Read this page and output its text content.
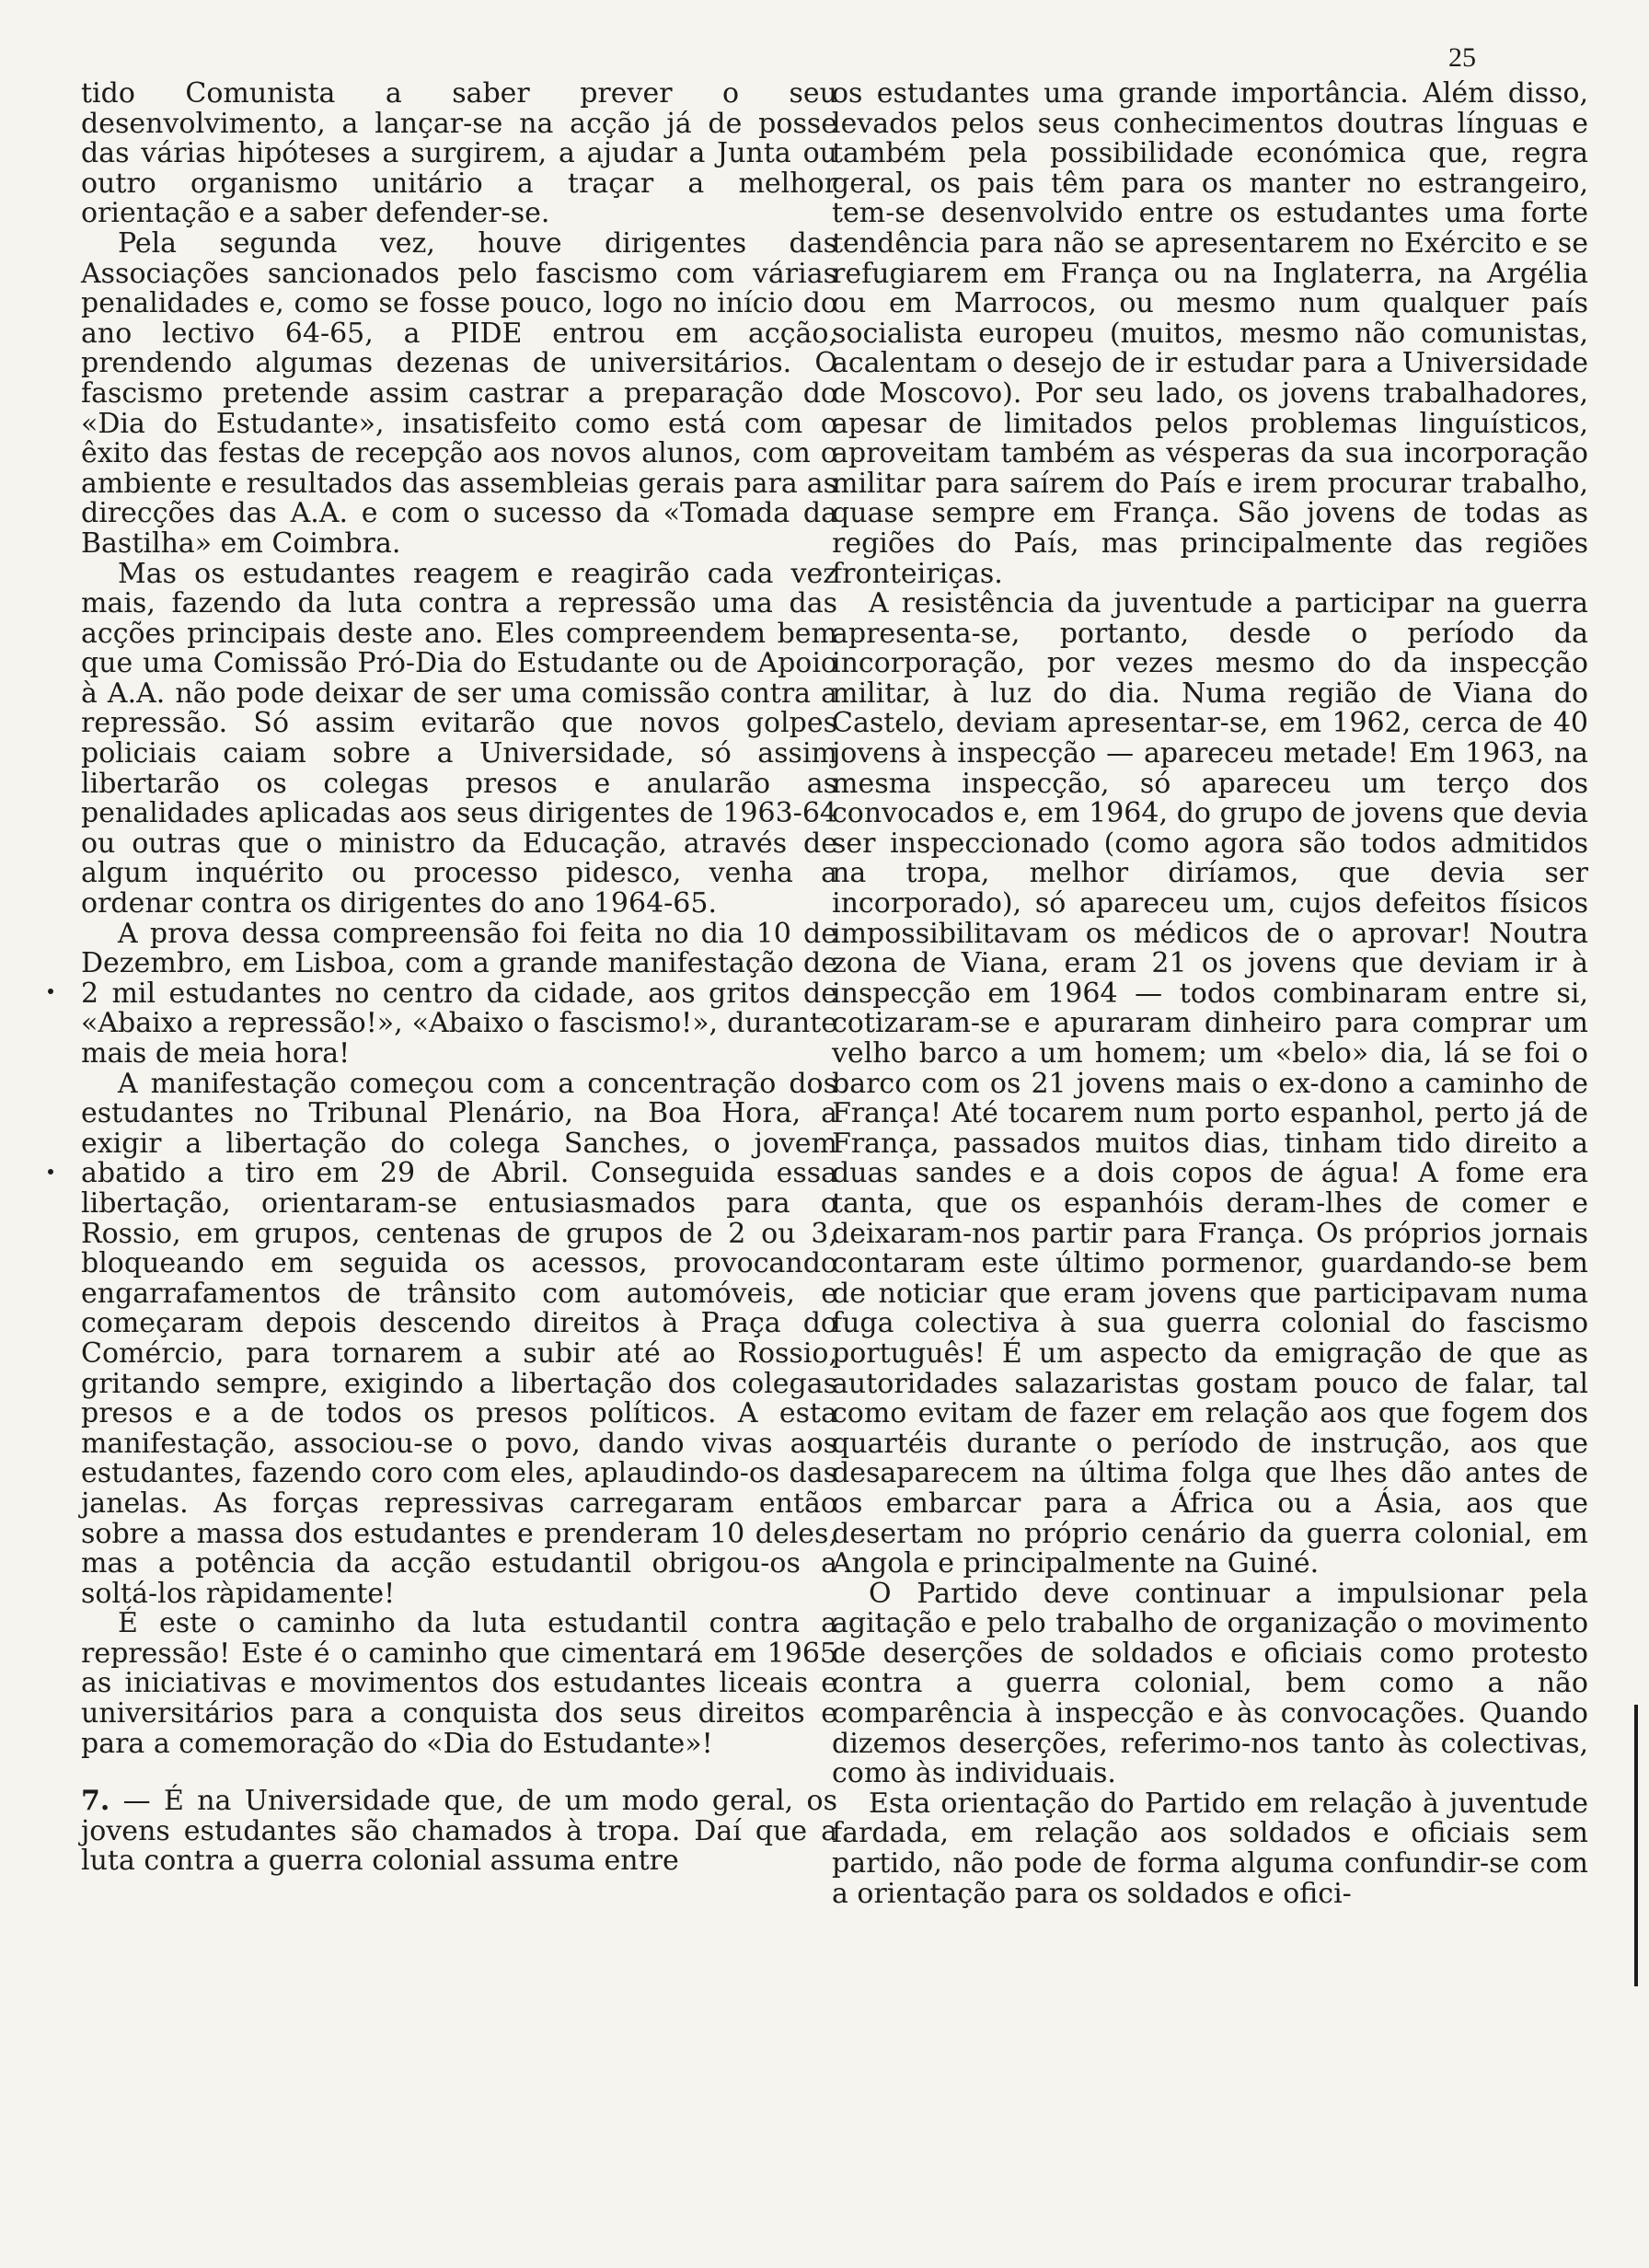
25

tido Comunista a saber prever o seu desenvolvimento, a lançar-se na acção já de posse das várias hipóteses a surgirem, a ajudar a Junta ou outro organismo unitário a traçar a melhor orientação e a saber defender-se.

Pela segunda vez, houve dirigentes das Associações sancionados pelo fascismo com várias penalidades e, como se fosse pouco, logo no início do ano lectivo 64-65, a PIDE entrou em acção, prendendo algumas dezenas de universitários. O fascismo pretende assim castrar a preparação do «Dia do Estudante», insatisfeito como está com o êxito das festas de recepção aos novos alunos, com o ambiente e resultados das assembleias gerais para as direcções das A.A. e com o sucesso da «Tomada da Bastilha» em Coimbra.

Mas os estudantes reagem e reagirão cada vez mais, fazendo da luta contra a repressão uma das acções principais deste ano. Eles compreendem bem que uma Comissão Pró-Dia do Estudante ou de Apoio à A.A. não pode deixar de ser uma comissão contra a repressão. Só assim evitarão que novos golpes policiais caiam sobre a Universidade, só assim libertarão os colegas presos e anularão as penalidades aplicadas aos seus dirigentes de 1963-64 ou outras que o ministro da Educação, através de algum inquérito ou processo pidesco, venha a ordenar contra os dirigentes do ano 1964-65.

A prova dessa compreensão foi feita no dia 10 de Dezembro, em Lisboa, com a grande manifestação de 2 mil estudantes no centro da cidade, aos gritos de «Abaixo a repressão!», «Abaixo o fascismo!», durante mais de meia hora!

A manifestação começou com a concentração dos estudantes no Tribunal Plenário, na Boa Hora, a exigir a libertação do colega Sanches, o jovem abatido a tiro em 29 de Abril. Conseguida essa libertação, orientaram-se entusiasmados para o Rossio, em grupos, centenas de grupos de 2 ou 3, bloqueando em seguida os acessos, provocando engarrafamentos de trânsito com automóveis, e começaram depois descendo direitos à Praça do Comércio, para tornarem a subir até ao Rossio, gritando sempre, exigindo a libertação dos colegas presos e a de todos os presos políticos. A esta manifestação, associou-se o povo, dando vivas aos estudantes, fazendo coro com eles, aplaudindo-os das janelas. As forças repressivas carregaram então sobre a massa dos estudantes e prenderam 10 deles, mas a potência da acção estudantil obrigou-os a soltá-los ràpidamente!

É este o caminho da luta estudantil contra a repressão! Este é o caminho que cimentará em 1965 as iniciativas e movimentos dos estudantes liceais e universitários para a conquista dos seus direitos e para a comemoração do «Dia do Estudante»!

7. — É na Universidade que, de um modo geral, os jovens estudantes são chamados à tropa. Daí que a luta contra a guerra colonial assuma entre

os estudantes uma grande importância. Além disso, levados pelos seus conhecimentos doutras línguas e também pela possibilidade económica que, regra geral, os pais têm para os manter no estrangeiro, tem-se desenvolvido entre os estudantes uma forte tendência para não se apresentarem no Exército e se refugiarem em França ou na Inglaterra, na Argélia ou em Marrocos, ou mesmo num qualquer país socialista europeu (muitos, mesmo não comunistas, acalentam o desejo de ir estudar para a Universidade de Moscovo). Por seu lado, os jovens trabalhadores, apesar de limitados pelos problemas linguísticos, aproveitam também as vésperas da sua incorporação militar para saírem do País e irem procurar trabalho, quase sempre em França. São jovens de todas as regiões do País, mas principalmente das regiões fronteiriças.

A resistência da juventude a participar na guerra apresenta-se, portanto, desde o período da incorporação, por vezes mesmo do da inspecção militar, à luz do dia. Numa região de Viana do Castelo, deviam apresentar-se, em 1962, cerca de 40 jovens à inspecção — apareceu metade! Em 1963, na mesma inspecção, só apareceu um terço dos convocados e, em 1964, do grupo de jovens que devia ser inspeccionado (como agora são todos admitidos na tropa, melhor diríamos, que devia ser incorporado), só apareceu um, cujos defeitos físicos impossibilitavam os médicos de o aprovar! Noutra zona de Viana, eram 21 os jovens que deviam ir à inspecção em 1964 — todos combinaram entre si, cotizaram-se e apuraram dinheiro para comprar um velho barco a um homem; um «belo» dia, lá se foi o barco com os 21 jovens mais o ex-dono a caminho de França! Até tocarem num porto espanhol, perto já de França, passados muitos dias, tinham tido direito a duas sandes e a dois copos de água! A fome era tanta, que os espanhóis deram-lhes de comer e deixaram-nos partir para França. Os próprios jornais contaram este último pormenor, guardando-se bem de noticiar que eram jovens que participavam numa fuga colectiva à sua guerra colonial do fascismo português! É um aspecto da emigração de que as autoridades salazaristas gostam pouco de falar, tal como evitam de fazer em relação aos que fogem dos quartéis durante o período de instrução, aos que desaparecem na última folga que lhes dão antes de os embarcar para a África ou a Ásia, aos que desertam no próprio cenário da guerra colonial, em Angola e principalmente na Guiné.

O Partido deve continuar a impulsionar pela agitação e pelo trabalho de organização o movimento de deserções de soldados e oficiais como protesto contra a guerra colonial, bem como a não comparência à inspecção e às convocações. Quando dizemos deserções, referimo-nos tanto às colectivas, como às individuais.

Esta orientação do Partido em relação à juventude fardada, em relação aos soldados e oficiais sem partido, não pode de forma alguma confundir-se com a orientação para os soldados e ofici-
